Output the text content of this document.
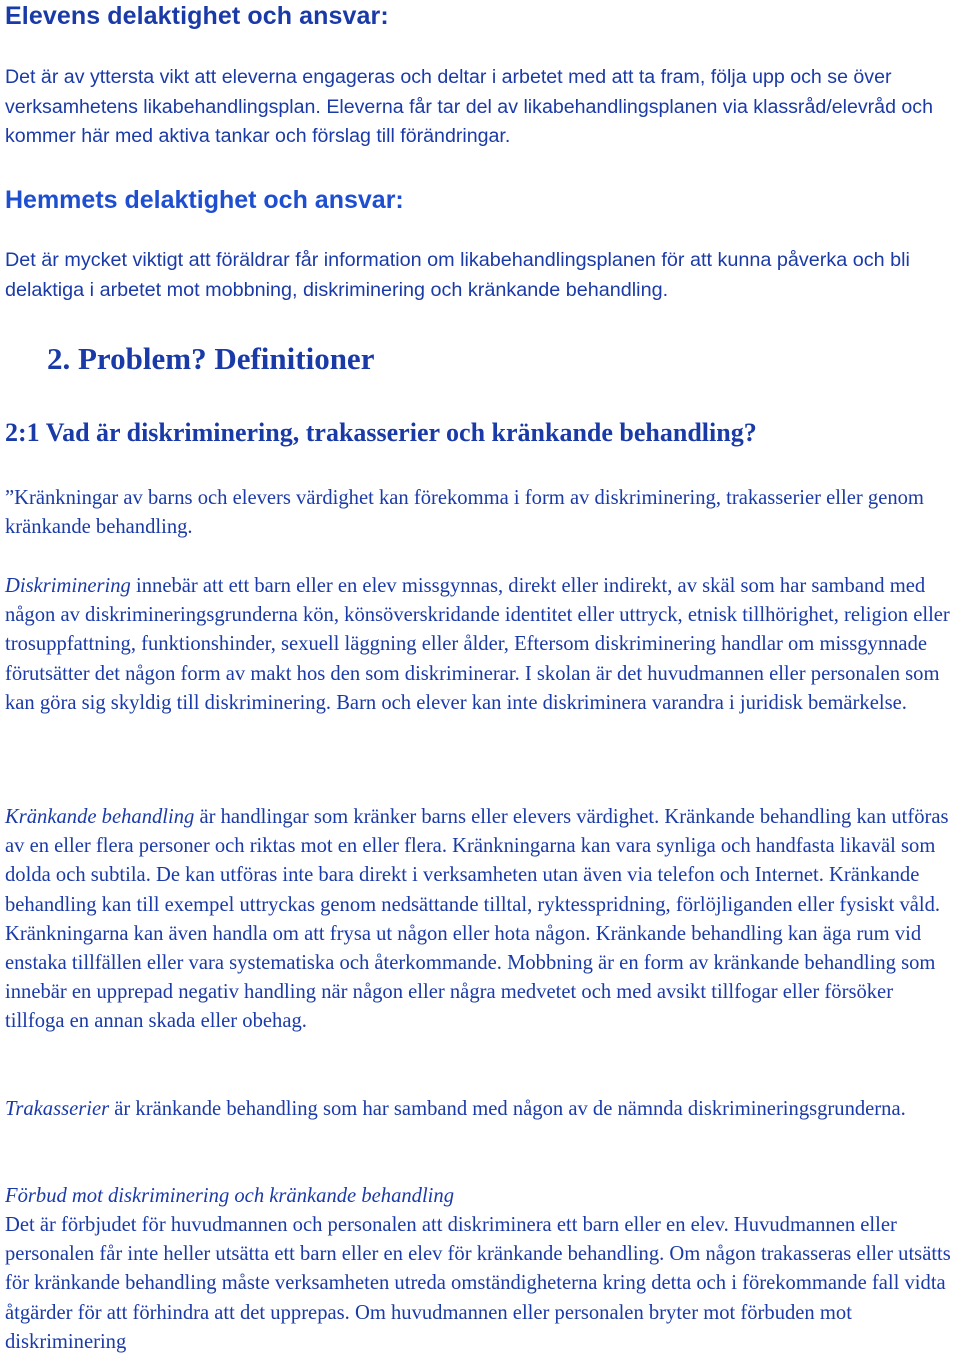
Elevens delaktighet och ansvar:

Det är av yttersta vikt att eleverna engageras och deltar i arbetet med att ta fram, följa upp och se över verksamhetens likabehandlingsplan. Eleverna får tar del av likabehandlingsplanen via klassråd/elevråd och kommer här med aktiva tankar och förslag till förändringar.

Hemmets delaktighet och ansvar:

Det är mycket viktigt att föräldrar får information om likabehandlingsplanen för att kunna påverka och bli delaktiga i arbetet mot mobbning, diskriminering och kränkande behandling.

2. Problem? Definitioner
2:1 Vad är diskriminering, trakasserier och kränkande behandling?

”Kränkningar av barns och elevers värdighet kan förekomma i form av diskriminering, trakasserier eller genom kränkande behandling.

Diskriminering innebär att ett barn eller en elev missgynnas, direkt eller indirekt, av skäl som har samband med någon av diskrimineringsgrunderna kön, könsöverskridande identitet eller uttryck, etnisk tillhörighet, religion eller trosuppfattning, funktionshinder, sexuell läggning eller ålder, Eftersom diskriminering handlar om missgynnade förutsätter det någon form av makt hos den som diskriminerar. I skolan är det huvudmannen eller personalen som kan göra sig skyldig till diskriminering. Barn och elever kan inte diskriminera varandra i juridisk bemärkelse.

Kränkande behandling är handlingar som kränker barns eller elevers värdighet. Kränkande behandling kan utföras av en eller flera personer och riktas mot en eller flera. Kränkningarna kan vara synliga och handfasta likaväl som dolda och subtila. De kan utföras inte bara direkt i verksamheten utan även via telefon och Internet. Kränkande behandling kan till exempel uttryckas genom nedsättande tilltal, ryktesspridning, förlöjliganden eller fysiskt våld. Kränkningarna kan även handla om att frysa ut någon eller hota någon. Kränkande behandling kan äga rum vid enstaka tillfällen eller vara systematiska och återkommande. Mobbning är en form av kränkande behandling som innebär en upprepad negativ handling när någon eller några medvetet och med avsikt tillfogar eller försöker tillfoga en annan skada eller obehag.

Trakasserier är kränkande behandling som har samband med någon av de nämnda diskrimineringsgrunderna.

Förbud mot diskriminering och kränkande behandling

Det är förbjudet för huvudmannen och personalen att diskriminera ett barn eller en elev. Huvudmannen eller personalen får inte heller utsätta ett barn eller en elev för kränkande behandling. Om någon trakasseras eller utsätts för kränkande behandling måste verksamheten utreda omständigheterna kring detta och i förekommande fall vidta åtgärder för att förhindra att det upprepas. Om huvudmannen eller personalen bryter mot förbuden mot diskriminering
